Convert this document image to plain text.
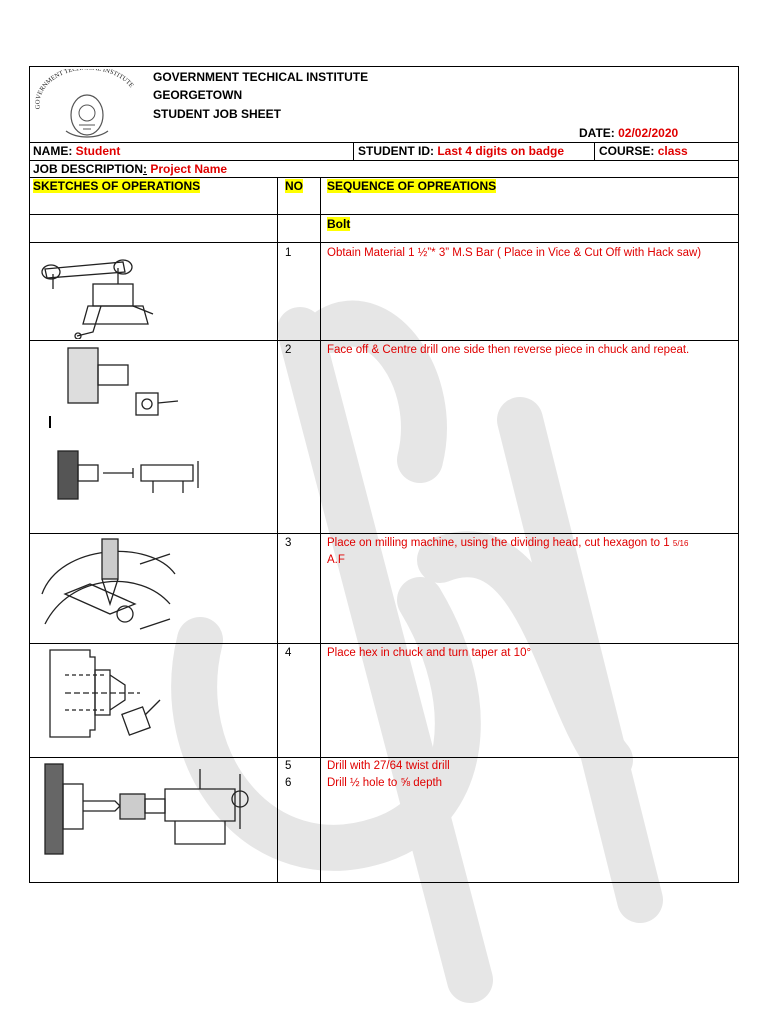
GOVERNMENT TEC L INSTITUTE
GOVERNMENT TECHICAL INSTITUTE
GEORGETOWN
STUDENT JOB SHEET
DATE: 02/02/2020
NAME: Student	STUDENT ID: Last 4 digits on badge	COURSE: class
JOB DESCRIPTION: Project Name
SKETCHES OF OPERATIONS	NO SEQUENCE OF OPREATIONS
Bolt
1	Obtain Material 1 ½”* 3” M.S Bar ( Place in Vice & Cut Off with Hack saw)
2	Face off & Centre drill one side then reverse piece in chuck and repeat.
3	Place on milling machine, using the dividing head, cut hexagon to 1 5/16
A.F
4	Place hex in chuck and turn taper at 10°
5	Drill with 27/64 twist drill
6	Drill ½ hole to ⅝ depth
